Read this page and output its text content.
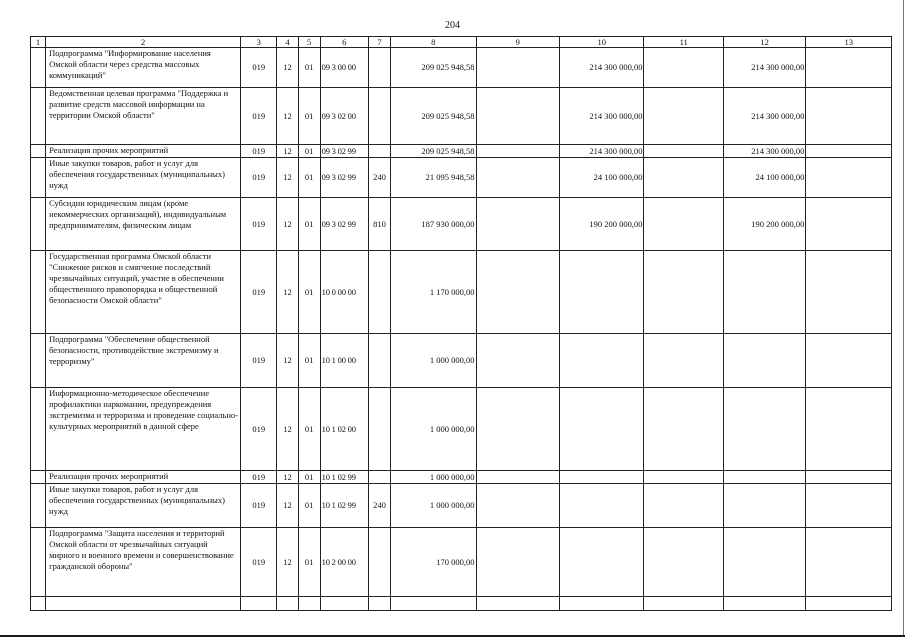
204
1	2	3	4	5	6	7	8	9	10	11	12	13
	Подпрограмма "Информирование населения Омской области через средства массовых коммуникаций"	019	12	01	09 3 00 00		209 025 948,58		214 300 000,00		214 300 000,00	
	Ведомственная целевая программа "Поддержка и развитие средств массовой информации на территории Омской области"	019	12	01	09 3 02 00		209 025 948,58		214 300 000,00		214 300 000,00	
	Реализация прочих мероприятий	019	12	01	09 3 02 99		209 025 948,58		214 300 000,00		214 300 000,00	
	Иные закупки товаров, работ и услуг для обеспечения государственных (муниципальных) нужд	019	12	01	09 3 02 99	240	21 095 948,58		24 100 000,00		24 100 000,00	
	Субсидии юридическим лицам (кроме некоммерческих организаций), индивидуальным предпринимателям, физическим лицам	019	12	01	09 3 02 99	810	187 930 000,00		190 200 000,00		190 200 000,00	
	Государственная программа Омской области "Снижение рисков и смягчение последствий чрезвычайных ситуаций, участие в обеспечении общественного правопорядка и общественной безопасности Омской области"	019	12	01	10 0 00 00		1 170 000,00					
	Подпрограмма "Обеспечение общественной безопасности, противодействие экстремизму и терроризму"	019	12	01	10 1 00 00		1 000 000,00					
	Информационно-методическое обеспечение профилактики наркомании, предупреждения экстремизма и терроризма и проведение социально-культурных мероприятий в данной сфере	019	12	01	10 1 02 00		1 000 000,00					
	Реализация прочих мероприятий	019	12	01	10 1 02 99		1 000 000,00					
	Иные закупки товаров, работ и услуг для обеспечения государственных (муниципальных) нужд	019	12	01	10 1 02 99	240	1 000 000,00					
	Подпрограмма "Защита населения и территорий Омской области от чрезвычайных ситуаций мирного и военного времени и совершенствование гражданской обороны"	019	12	01	10 2 00 00		170 000,00					
